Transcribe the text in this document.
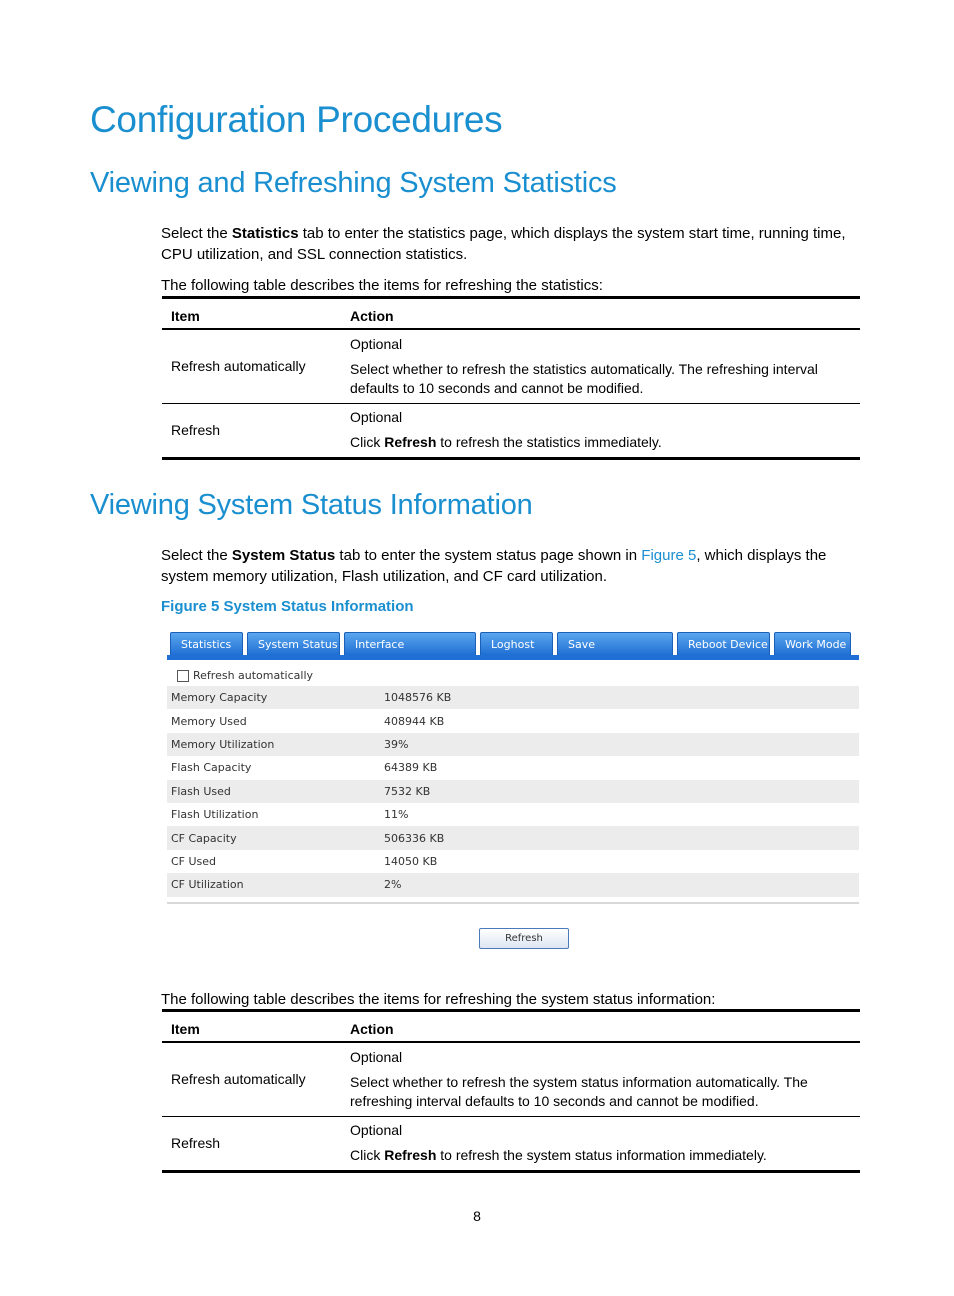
Configuration Procedures
Viewing and Refreshing System Statistics
Select the Statistics tab to enter the statistics page, which displays the system start time, running time, CPU utilization, and SSL connection statistics.
The following table describes the items for refreshing the statistics:
Item	Action
Refresh automatically	Optional

Select whether to refresh the statistics automatically. The refreshing interval defaults to 10 seconds and cannot be modified.

Refresh	Optional

Click Refresh to refresh the statistics immediately.

Viewing System Status Information
Select the System Status tab to enter the system status page shown in Figure 5, which displays the system memory utilization, Flash utilization, and CF card utilization.
Figure 5 System Status Information
Statistics	System Status	Interface Management
Loghost	Save Configuration
Reboot Device	Work Mode
Refresh automatically
Memory Capacity	1048576 KB
Memory Used	408944 KB
Memory Utilization	39%
Flash Capacity	64389 KB
Flash Used	7532 KB
Flash Utilization	11%
CF Capacity	506336 KB
CF Used	14050 KB
CF Utilization	2%
Refresh
The following table describes the items for refreshing the system status information:
Item	Action
Refresh automatically	Optional

Select whether to refresh the system status information automatically. The refreshing interval defaults to 10 seconds and cannot be modified.

Refresh	Optional

Click Refresh to refresh the system status information immediately.

8
